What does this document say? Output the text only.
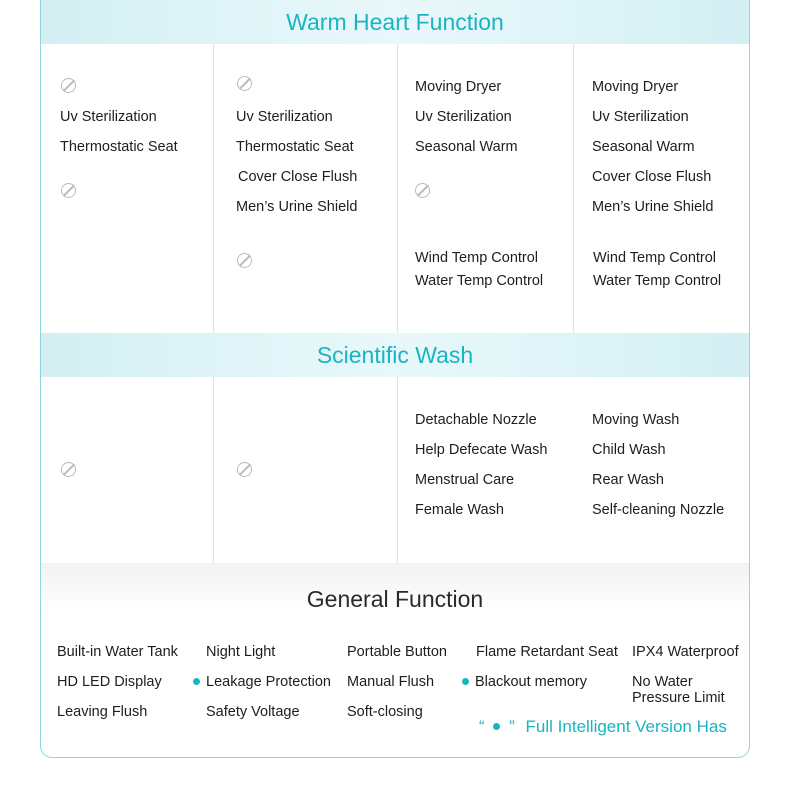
Warm Heart Function
Uv Sterilization
Thermostatic Seat
Uv Sterilization
Thermostatic Seat
Cover Close Flush
Men’s Urine Shield
Moving Dryer
Uv Sterilization
Seasonal Warm
Wind Temp Control
Water Temp Control
Moving Dryer
Uv Sterilization
Seasonal Warm
Cover Close Flush
Men’s Urine Shield
Wind Temp Control
Water Temp Control
Scientific Wash
Detachable Nozzle
Help Defecate Wash
Menstrual Care
Female Wash
Moving Wash
Child Wash
Rear Wash
Self-cleaning Nozzle
General Function
Built-in Water Tank
HD LED Display
Leaving Flush
Night Light
Leakage Protection
Safety Voltage
Portable Button
Manual Flush
Soft-closing
Flame Retardant Seat
Blackout memory
IPX4 Waterproof
No Water
Pressure Limit
“ ” Full Intelligent Version Has
